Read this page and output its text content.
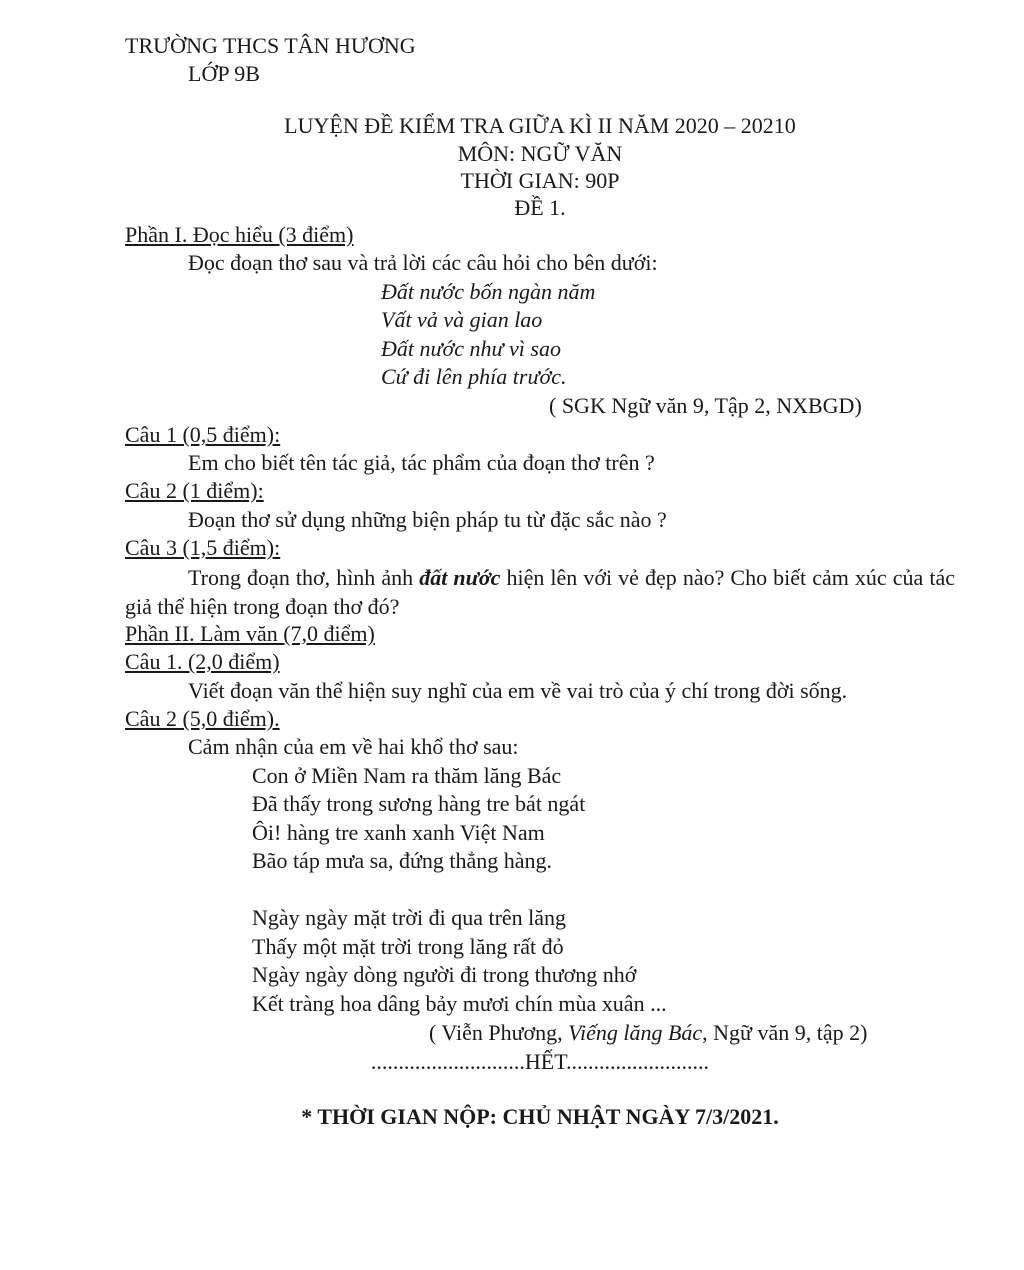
TRƯỜNG THCS TÂN HƯƠNG
LỚP 9B
LUYỆN ĐỀ KIỂM TRA GIỮA KÌ II NĂM 2020 – 20210
MÔN: NGỮ VĂN
THỜI GIAN: 90P
ĐỀ 1.
Phần I. Đọc hiểu (3 điểm)
Đọc đoạn thơ sau và trả lời các câu hỏi cho bên dưới:
Đất nước bốn ngàn năm
Vất vả và gian lao
Đất nước như vì sao
Cứ đi lên phía trước.
( SGK Ngữ văn 9, Tập 2, NXBGD)
Câu 1 (0,5 điểm):
Em cho biết tên tác giả, tác phẩm của đoạn thơ trên ?
Câu 2 (1 điểm):
Đoạn thơ sử dụng những biện pháp tu từ đặc sắc nào ?
Câu 3 (1,5 điểm):
Trong đoạn thơ, hình ảnh đất nước hiện lên với vẻ đẹp nào? Cho biết cảm xúc của tác giả thể hiện trong đoạn thơ đó?
Phần II. Làm văn (7,0 điểm)
Câu 1. (2,0 điểm)
Viết đoạn văn thể hiện suy nghĩ của em về vai trò của ý chí trong đời sống.
Câu 2 (5,0 điểm).
Cảm nhận của em về hai khổ thơ sau:
Con ở Miền Nam ra thăm lăng Bác
Đã thấy trong sương hàng tre bát ngát
Ôi! hàng tre xanh xanh Việt Nam
Bão táp mưa sa, đứng thẳng hàng.
Ngày ngày mặt trời đi qua trên lăng
Thấy một mặt trời trong lăng rất đỏ
Ngày ngày dòng người đi trong thương nhớ
Kết tràng hoa dâng bảy mươi chín mùa xuân ...
( Viễn Phương, Viếng lăng Bác, Ngữ văn 9, tập 2)
............................HẾT..........................
* THỜI GIAN NỘP: CHỦ NHẬT NGÀY 7/3/2021.
